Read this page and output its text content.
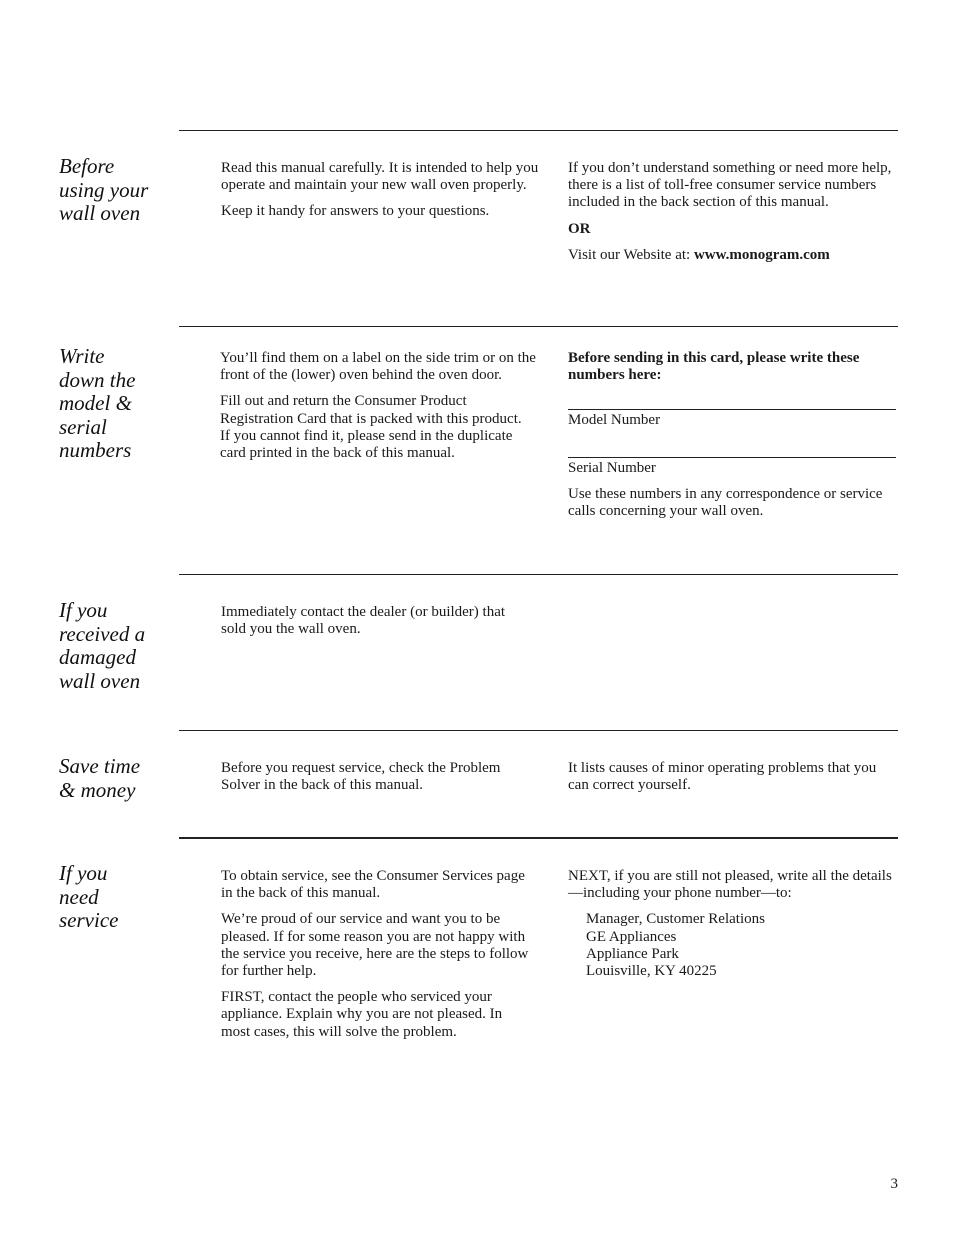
Before using your wall oven

Read this manual carefully. It is intended to help you operate and maintain your new wall oven properly.

Keep it handy for answers to your questions.

If you don’t understand something or need more help, there is a list of toll-free consumer service numbers included in the back section of this manual.

OR

Visit our Website at: www.monogram.com

Write down the model & serial numbers

You’ll find them on a label on the side trim or on the front of the (lower) oven behind the oven door.

Fill out and return the Consumer Product Registration Card that is packed with this product. If you cannot find it, please send in the duplicate card printed in the back of this manual.

Before sending in this card, please write these numbers here:

Model Number
Serial Number

Use these numbers in any correspondence or service calls concerning your wall oven.

If you received a damaged wall oven

Immediately contact the dealer (or builder) that sold you the wall oven.

Save time & money

Before you request service, check the Problem Solver in the back of this manual.

It lists causes of minor operating problems that you can correct yourself.

If you need service

To obtain service, see the Consumer Services page in the back of this manual.

We’re proud of our service and want you to be pleased. If for some reason you are not happy with the service you receive, here are the steps to follow for further help.

FIRST, contact the people who serviced your appliance. Explain why you are not pleased. In most cases, this will solve the problem.

NEXT, if you are still not pleased, write all the details—including your phone number—to:

Manager, Customer Relations
GE Appliances
Appliance Park
Louisville, KY 40225
3
